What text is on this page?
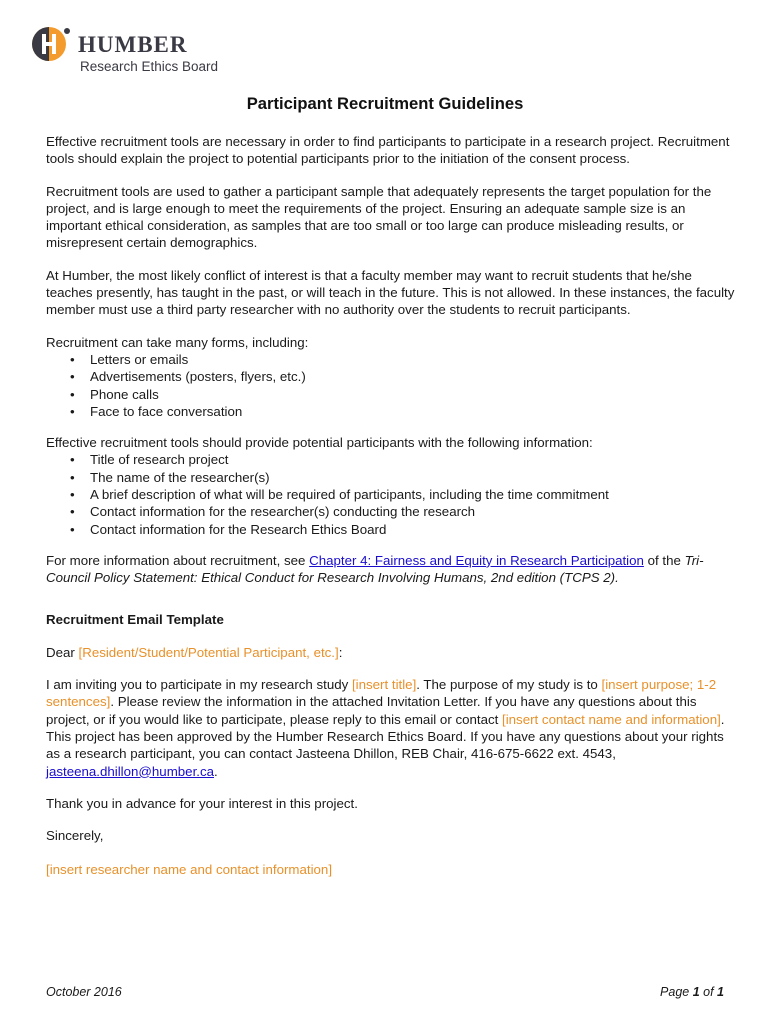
HUMBER
Research Ethics Board
Participant Recruitment Guidelines

Effective recruitment tools are necessary in order to find participants to participate in a research project. Recruitment tools should explain the project to potential participants prior to the initiation of the consent process.

Recruitment tools are used to gather a participant sample that adequately represents the target population for the project, and is large enough to meet the requirements of the project. Ensuring an adequate sample size is an important ethical consideration, as samples that are too small or too large can produce misleading results, or misrepresent certain demographics.

At Humber, the most likely conflict of interest is that a faculty member may want to recruit students that he/she teaches presently, has taught in the past, or will teach in the future. This is not allowed. In these instances, the faculty member must use a third party researcher with no authority over the students to recruit participants.

Recruitment can take many forms, including:
• Letters or emails
• Advertisements (posters, flyers, etc.)
• Phone calls
• Face to face conversation
Effective recruitment tools should provide potential participants with the following information:
• Title of research project
• The name of the researcher(s)
• A brief description of what will be required of participants, including the time commitment
• Contact information for the researcher(s) conducting the research
• Contact information for the Research Ethics Board

For more information about recruitment, see Chapter 4: Fairness and Equity in Research Participation of the Tri-Council Policy Statement: Ethical Conduct for Research Involving Humans, 2nd edition (TCPS 2).

Recruitment Email Template

Dear [Resident/Student/Potential Participant, etc.]:

I am inviting you to participate in my research study [insert title]. The purpose of my study is to [insert purpose; 1-2 sentences]. Please review the information in the attached Invitation Letter. If you have any questions about this project, or if you would like to participate, please reply to this email or contact [insert contact name and information]. This project has been approved by the Humber Research Ethics Board. If you have any questions about your rights as a research participant, you can contact Jasteena Dhillon, REB Chair, 416-675-6622 ext. 4543, jasteena.dhillon@humber.ca.

Thank you in advance for your interest in this project.

Sincerely,

[insert researcher name and contact information]

October 2016	Page 1 of 1
